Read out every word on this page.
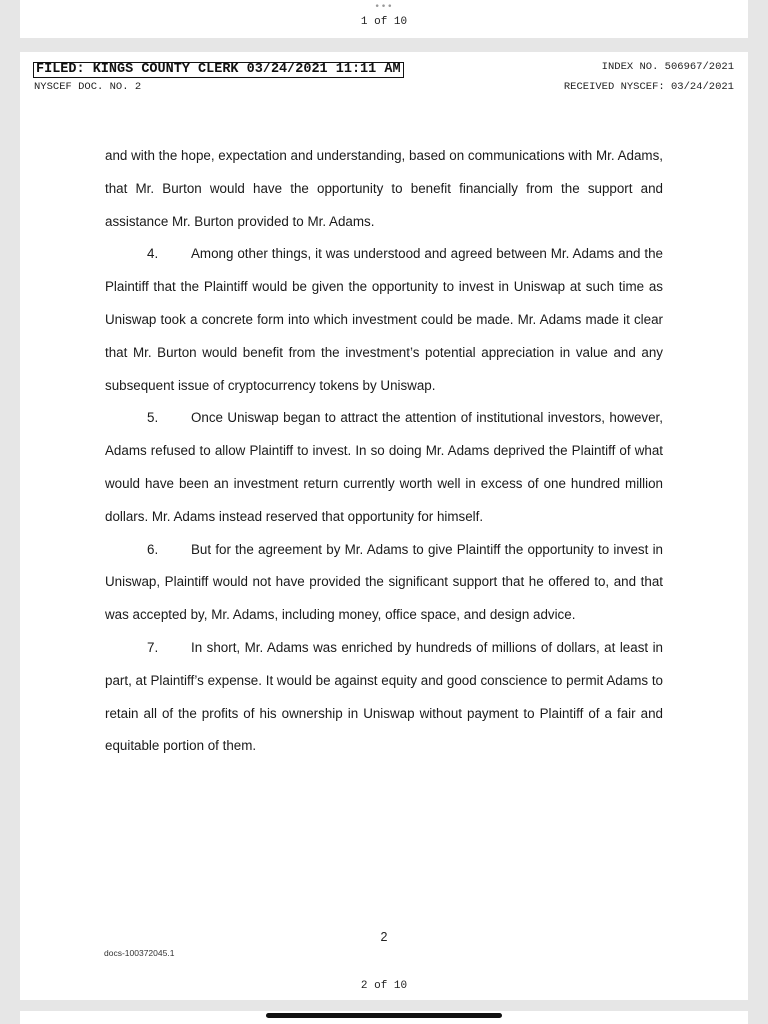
•••
1 of 10
FILED: KINGS COUNTY CLERK 03/24/2021 11:11 AM
NYSCEF DOC. NO. 2
INDEX NO. 506967/2021
RECEIVED NYSCEF: 03/24/2021

and with the hope, expectation and understanding, based on communications with Mr. Adams, that Mr. Burton would have the opportunity to benefit financially from the support and assistance Mr. Burton provided to Mr. Adams.

4. Among other things, it was understood and agreed between Mr. Adams and the Plaintiff that the Plaintiff would be given the opportunity to invest in Uniswap at such time as Uniswap took a concrete form into which investment could be made. Mr. Adams made it clear that Mr. Burton would benefit from the investment’s potential appreciation in value and any subsequent issue of cryptocurrency tokens by Uniswap.

5. Once Uniswap began to attract the attention of institutional investors, however, Adams refused to allow Plaintiff to invest. In so doing Mr. Adams deprived the Plaintiff of what would have been an investment return currently worth well in excess of one hundred million dollars. Mr. Adams instead reserved that opportunity for himself.

6. But for the agreement by Mr. Adams to give Plaintiff the opportunity to invest in Uniswap, Plaintiff would not have provided the significant support that he offered to, and that was accepted by, Mr. Adams, including money, office space, and design advice.

7. In short, Mr. Adams was enriched by hundreds of millions of dollars, at least in part, at Plaintiff’s expense. It would be against equity and good conscience to permit Adams to retain all of the profits of his ownership in Uniswap without payment to Plaintiff of a fair and equitable portion of them.

2
docs-100372045.1
2 of 10
